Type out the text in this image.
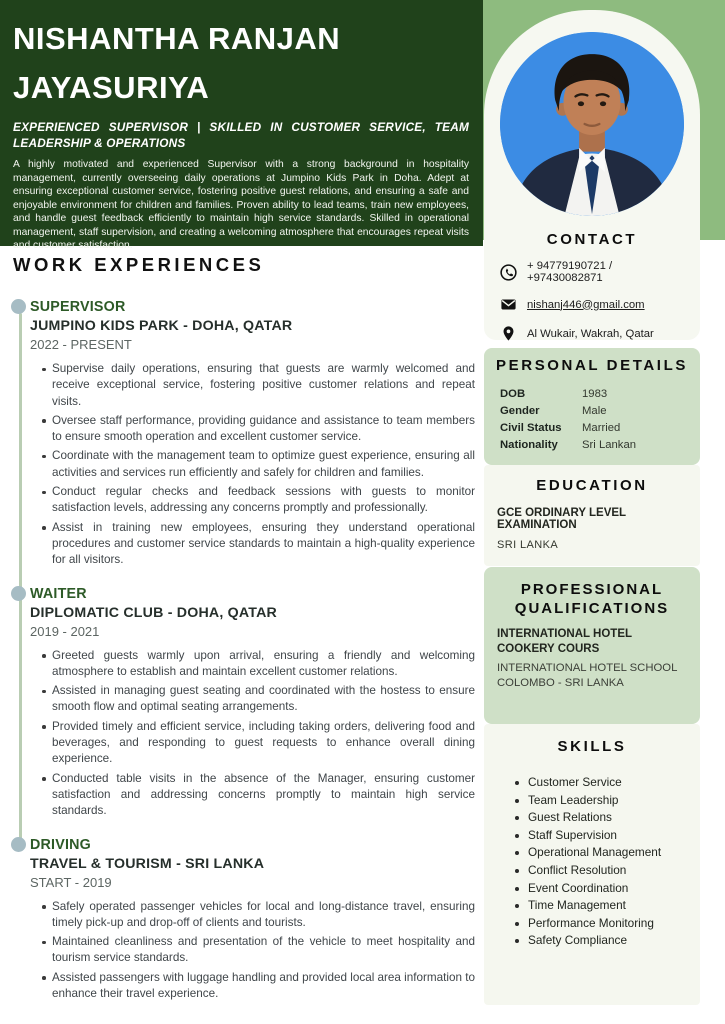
NISHANTHA RANJAN JAYASURIYA
EXPERIENCED SUPERVISOR | SKILLED IN CUSTOMER SERVICE, TEAM LEADERSHIP & OPERATIONS
A highly motivated and experienced Supervisor with a strong background in hospitality management, currently overseeing daily operations at Jumpino Kids Park in Doha. Adept at ensuring exceptional customer service, fostering positive guest relations, and ensuring a safe and enjoyable environment for children and families. Proven ability to lead teams, train new employees, and handle guest feedback efficiently to maintain high service standards. Skilled in operational management, staff supervision, and creating a welcoming atmosphere that encourages repeat visits and customer satisfaction.	CONTACT
+ 94779190721 / +97430082871
nishanj446@gmail.com
Al Wukair, Wakrah, Qatar
PERSONAL DETAILS
DOB	1983
Gender	Male
Civil Status	Married
Nationality	Sri Lankan
EDUCATION
GCE ORDINARY LEVEL EXAMINATION
SRI LANKA
PROFESSIONAL QUALIFICATIONS
INTERNATIONAL HOTEL COOKERY COURS
INTERNATIONAL HOTEL SCHOOL COLOMBO - SRI LANKA
SKILLS
Customer Service
Team Leadership
Guest Relations
Staff Supervision
Operational Management
Conflict Resolution
Event Coordination
Time Management
Performance Monitoring
Safety Compliance
WORK EXPERIENCES
SUPERVISOR
JUMPINO KIDS PARK - DOHA, QATAR
2022 - PRESENT
Supervise daily operations, ensuring that guests are warmly welcomed and receive exceptional service, fostering positive customer relations and repeat visits.
Oversee staff performance, providing guidance and assistance to team members to ensure smooth operation and excellent customer service.
Coordinate with the management team to optimize guest experience, ensuring all activities and services run efficiently and safely for children and families.
Conduct regular checks and feedback sessions with guests to monitor satisfaction levels, addressing any concerns promptly and professionally.
Assist in training new employees, ensuring they understand operational procedures and customer service standards to maintain a high-quality experience for all visitors.
WAITER
DIPLOMATIC CLUB - DOHA, QATAR
2019 - 2021
Greeted guests warmly upon arrival, ensuring a friendly and welcoming atmosphere to establish and maintain excellent customer relations.
Assisted in managing guest seating and coordinated with the hostess to ensure smooth flow and optimal seating arrangements.
Provided timely and efficient service, including taking orders, delivering food and beverages, and responding to guest requests to enhance overall dining experience.
Conducted table visits in the absence of the Manager, ensuring customer satisfaction and addressing concerns promptly to maintain high service standards.
DRIVING
TRAVEL & TOURISM - SRI LANKA
START - 2019
Safely operated passenger vehicles for local and long-distance travel, ensuring timely pick-up and drop-off of clients and tourists.
Maintained cleanliness and presentation of the vehicle to meet hospitality and tourism service standards.
Assisted passengers with luggage handling and provided local area information to enhance their travel experience.
